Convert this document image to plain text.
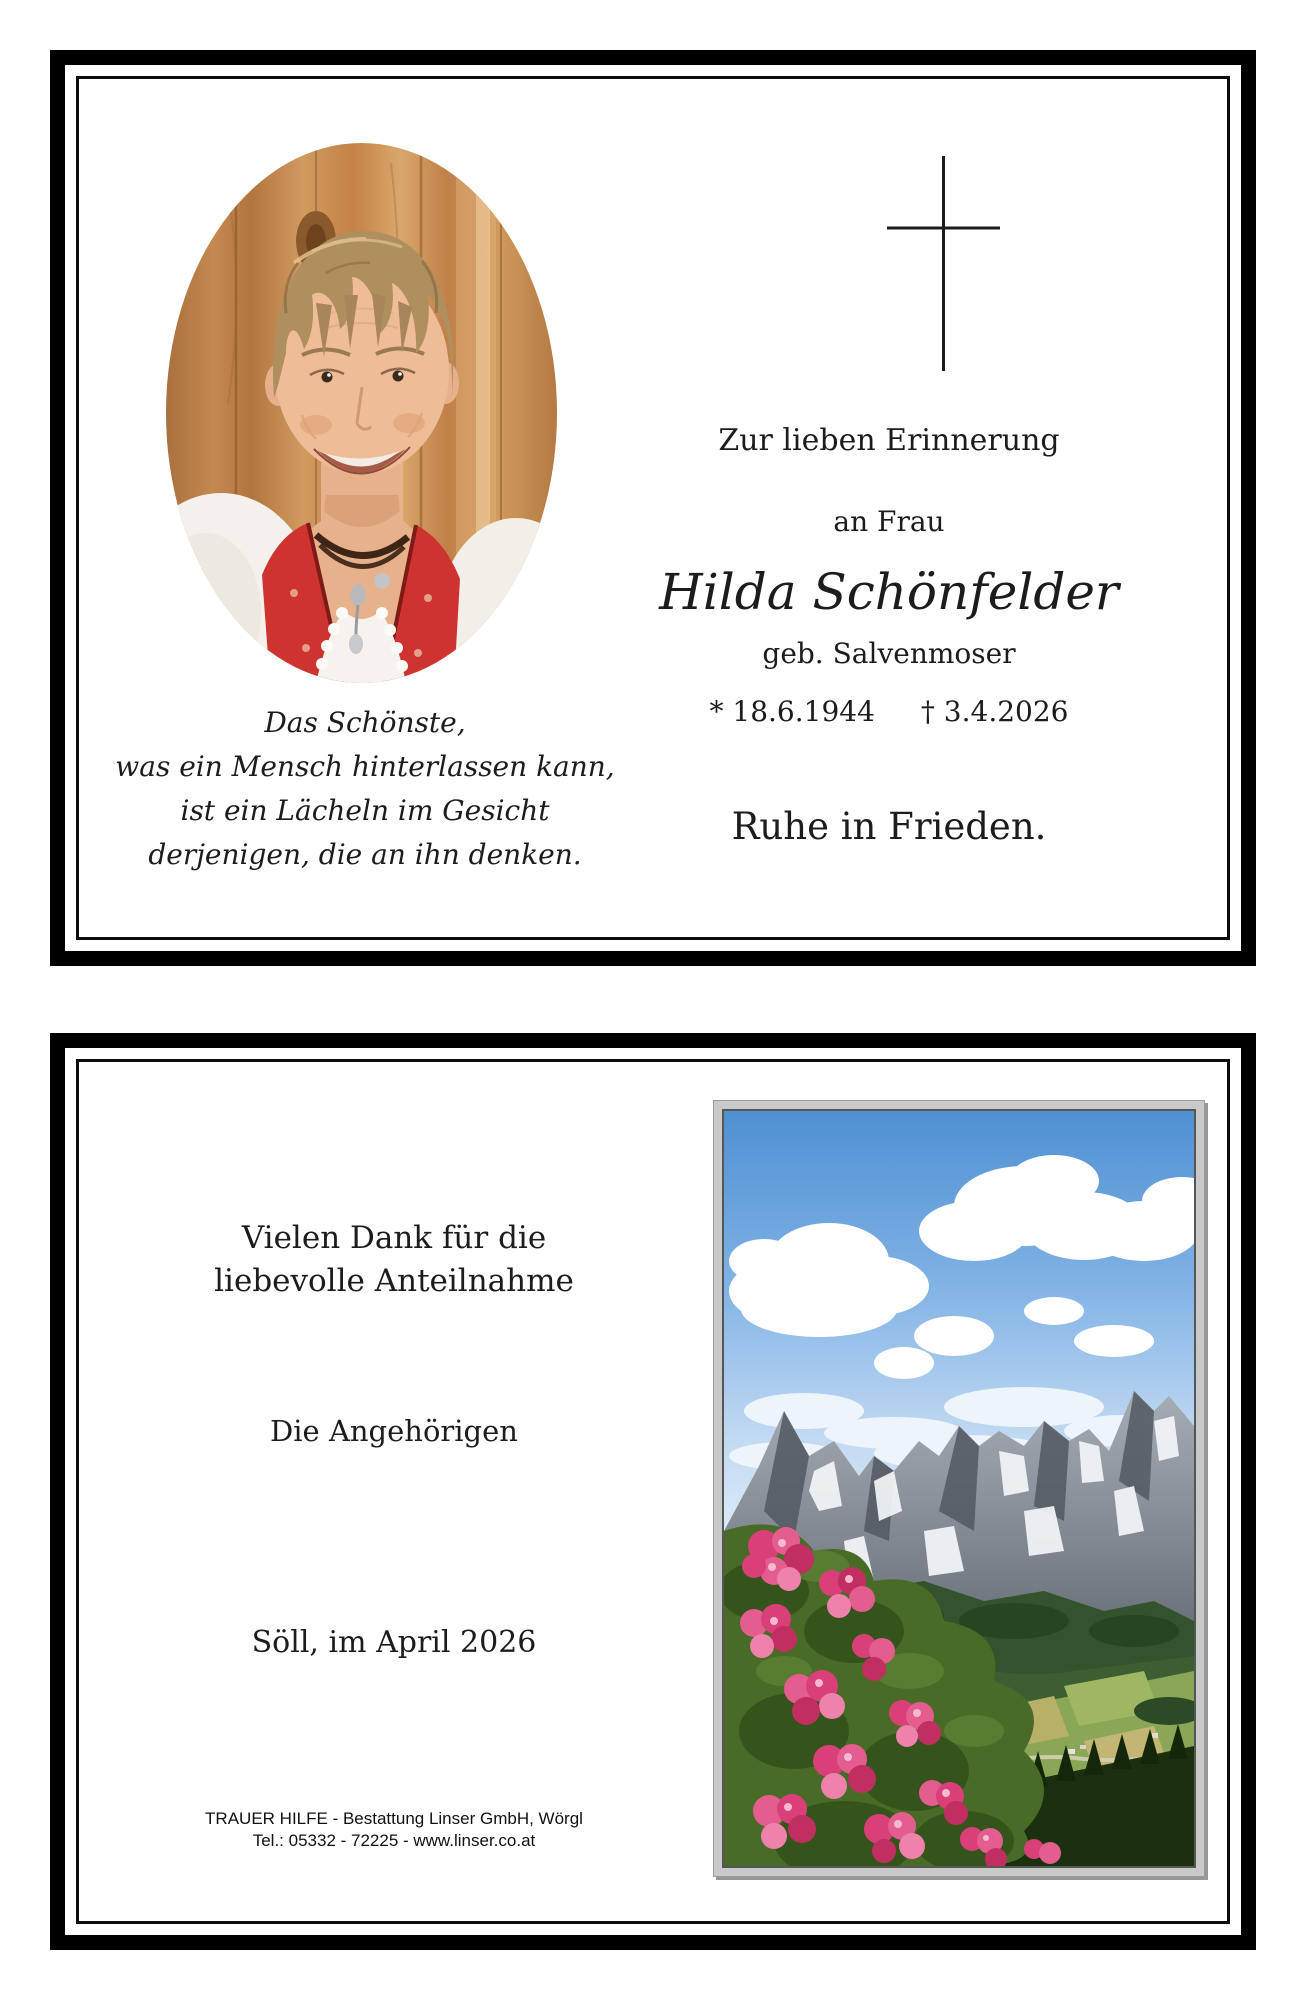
Das Schönste,
was ein Mensch hinterlassen kann,
ist ein Lächeln im Gesicht
derjenigen, die an ihn denken.
Zur lieben Erinnerung
an Frau
Hilda Schönfelder
geb. Salvenmoser
* 18.6.1944 † 3.4.2026
Ruhe in Frieden.
Vielen Dank für die
liebevolle Anteilnahme
Die Angehörigen
Söll, im April 2026
TRAUER HILFE - Bestattung Linser GmbH, Wörgl
Tel.: 05332 - 72225 - www.linser.co.at
